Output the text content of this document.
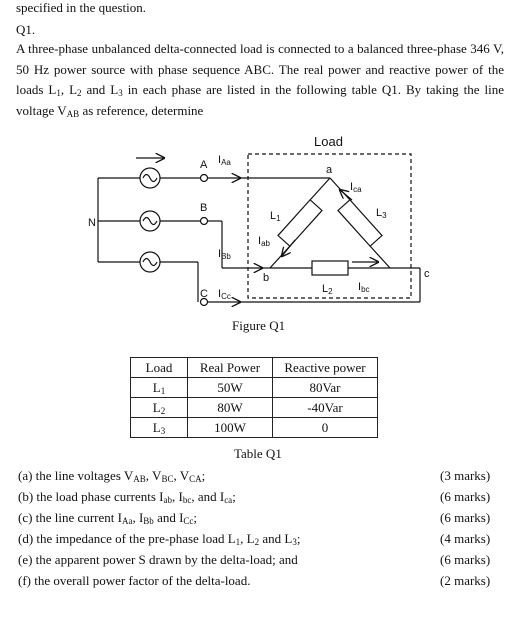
specified in the question.
Q1.
A three-phase unbalanced delta-connected load is connected to a balanced three-phase 346 V, 50 Hz power source with phase sequence ABC. The real power and reactive power of the loads $L_1$, $L_2$ and $L_3$ in each phase are listed in the following table Q1. By taking the line voltage $V_{AB}$ as reference, determine
Load
a
b	c
A
B
C
N
IAa
IBb
ICc
Iab
Ibc
Ica
L1
L2
L3
Figure Q1
Load	Real Power	Reactive power
$L_1$	50W	80Var
$L_2$	80W	-40Var
$L_3$	100W	0
Table Q1
(a) the line voltages $V_{AB}$, $V_{BC}$, $V_{CA}$;	(3 marks)
(b) the load phase currents $I_{ab}$, $I_{bc}$, and $I_{ca}$;	(6 marks)
(c) the line current $I_{Aa}$, $I_{Bb}$ and $I_{Cc}$;	(6 marks)
(d) the impedance of the pre-phase load $L_1$, $L_2$ and $L_3$;	(4 marks)
(e) the apparent power S drawn by the delta-load; and	(6 marks)
(f) the overall power factor of the delta-load.	(2 marks)
